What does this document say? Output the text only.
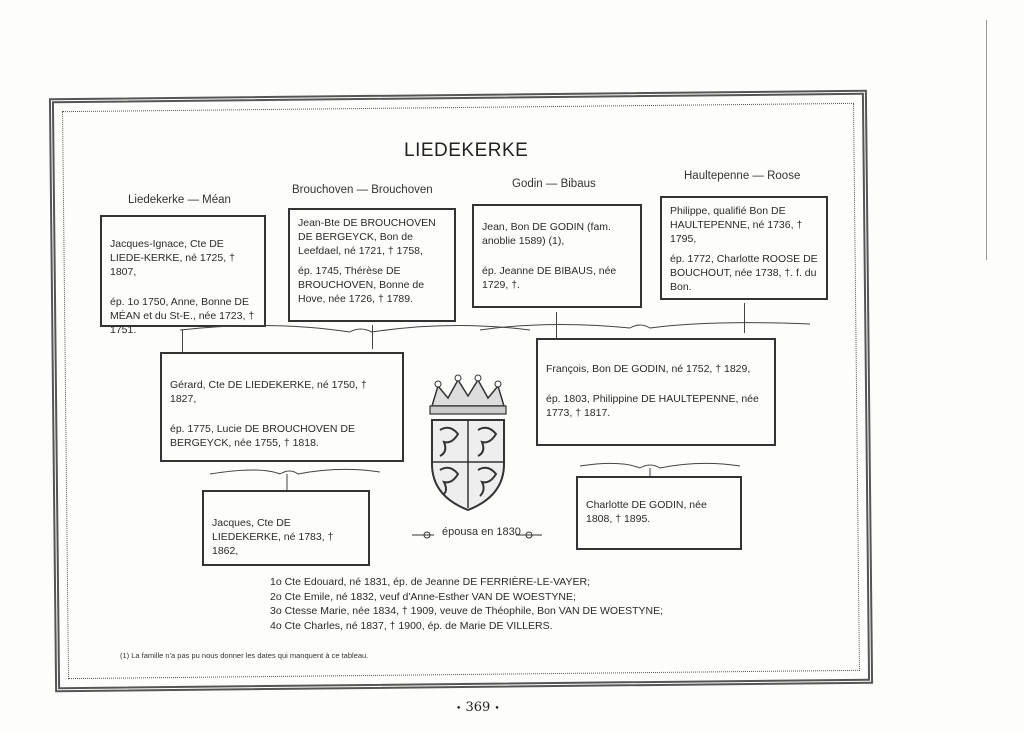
LIEDEKERKE
Liedekerke — Méan
Brouchoven — Brouchoven	Godin — Bibaus
Haultepenne — Roose

Jacques-Ignace, Cte DE LIEDE-KERKE, né 1725, † 1807,

ép. 1o 1750, Anne, Bonne DE MÉAN et du St-E., née 1723, † 1751.

Jean-Bte DE BROUCHOVEN DE BERGEYCK, Bon de Leefdael, né 1721, † 1758,

ép. 1745, Thérèse DE BROUCHOVEN, Bonne de Hove, née 1726, † 1789.

Jean, Bon DE GODIN (fam. anoblie 1589) (1),

ép. Jeanne DE BIBAUS, née 1729, †.

Philippe, qualifié Bon DE HAULTEPENNE, né 1736, † 1795,

ép. 1772, Charlotte ROOSE DE BOUCHOUT, née 1738, †. f. du Bon.

Gérard, Cte DE LIEDEKERKE, né 1750, † 1827,

ép. 1775, Lucie DE BROUCHOVEN DE BERGEYCK, née 1755, † 1818.

François, Bon DE GODIN, né 1752, † 1829,

ép. 1803, Philippine DE HAULTEPENNE, née 1773, † 1817.

Jacques, Cte DE LIEDEKERKE, né 1783, † 1862,

Charlotte DE GODIN, née 1808, † 1895.

épousa en 1830
1o Cte Edouard, né 1831, ép. de Jeanne DE FERRIÈRE-LE-VAYER;
2o Cte Emile, né 1832, veuf d'Anne-Esther VAN DE WOESTYNE;
3o Ctesse Marie, née 1834, † 1909, veuve de Théophile, Bon VAN DE WOESTYNE;
4o Cte Charles, né 1837, † 1900, ép. de Marie DE VILLERS.
(1) La famille n'a pas pu nous donner les dates qui manquent à ce tableau.
• 369 •
